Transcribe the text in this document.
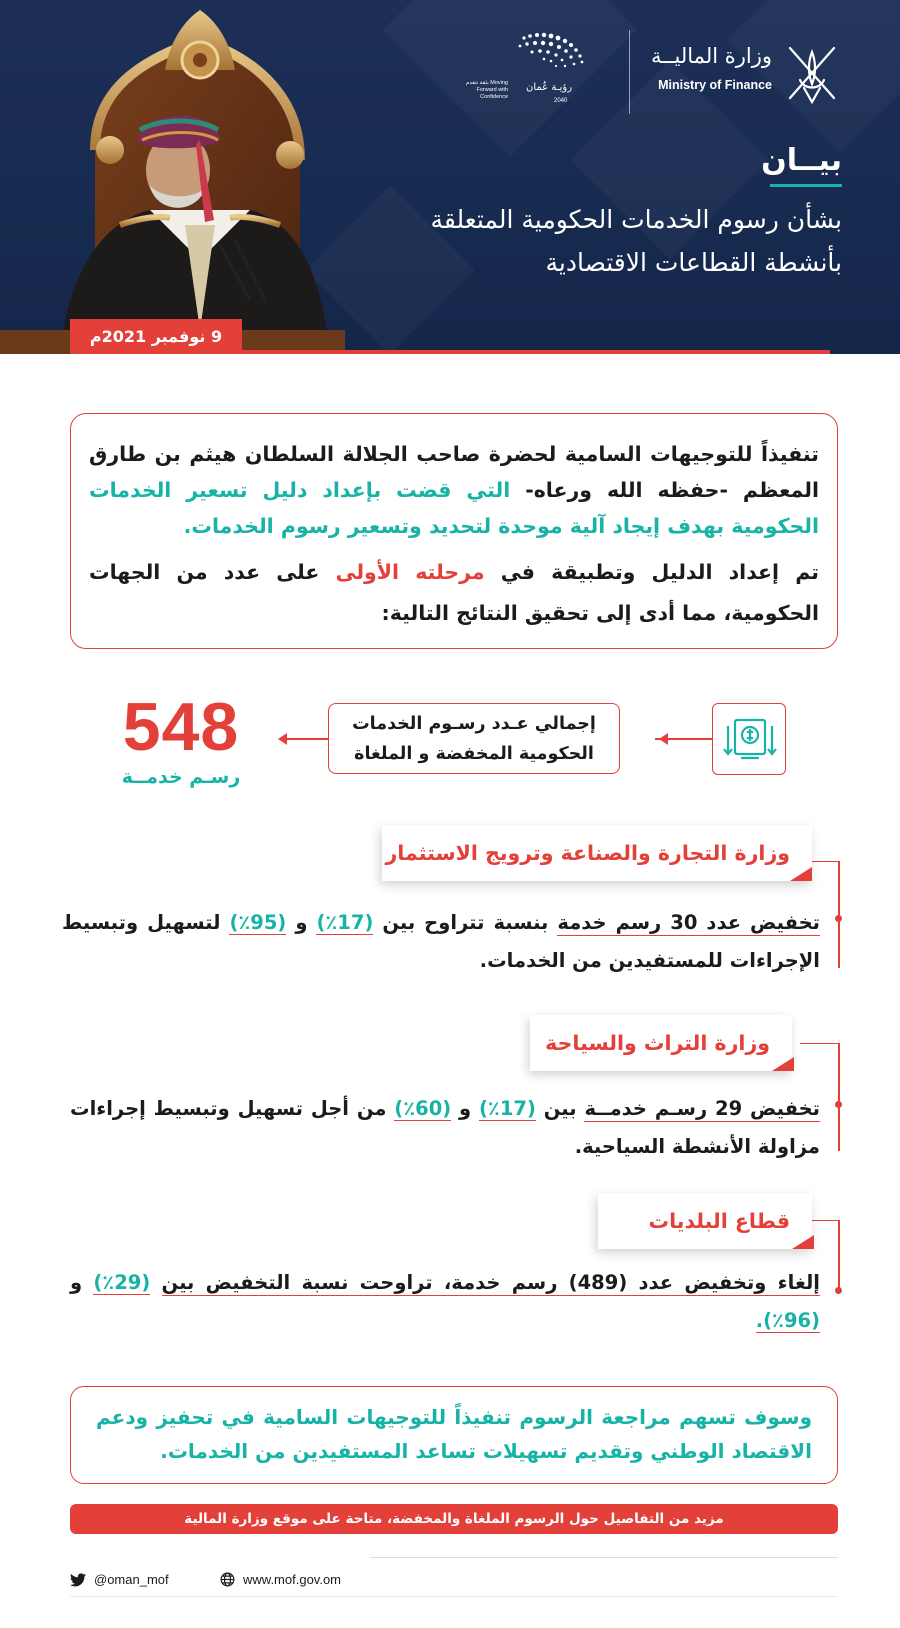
رؤيـة عُمان
بثقة نتقدم Moving Forward with Confidence
2040
وزارة الماليــة
Ministry of Finance
بيــان
بشأن رسوم الخدمات الحكومية المتعلقة
بأنشطة القطاعات الاقتصادية
9 نوفمبر 2021م

تنفيذاً للتوجيهات السامية لحضرة صاحب الجلالة السلطان هيثم بن طارق المعظم -حفظه الله ورعاه- التي قضت بإعداد دليل تسعير الخدمات الحكومية بهدف إيجاد آلية موحدة لتحديد وتسعير رسوم الخدمات.

تم إعداد الدليل وتطبيقة في مرحلته الأولى على عدد من الجهات الحكومية، مما أدى إلى تحقيق النتائج التالية:

إجمالي عـدد رسـوم الخدمات
الحكومية المخفضة و الملغاة
548
رسـم خدمــة
وزارة التجارة والصناعة وترويج الاستثمار
تخفيض عدد 30 رسم خدمة بنسبة تتراوح بين (17٪) و (95٪) لتسهيل وتبسيط الإجراءات للمستفيدين من الخدمات.
وزارة التراث والسياحة
تخفيض 29 رسـم خدمــة بين (17٪) و (60٪) من أجل تسهيل وتبسيط إجراءات مزاولة الأنشطة السياحية.
قطاع البلديات
إلغاء وتخفيض عدد (489) رسم خدمة، تراوحت نسبة التخفيض بين (29٪) و (96٪).
وسوف تسهم مراجعة الرسوم تنفيذاً للتوجيهات السامية في تحفيز ودعم الاقتصاد الوطني وتقديم تسهيلات تساعد المستفيدين من الخدمات.
مزيد من التفاصيل حول الرسوم الملغاة والمخفضة، متاحة على موقع وزارة المالية
@oman_mof	www.mof.gov.om
